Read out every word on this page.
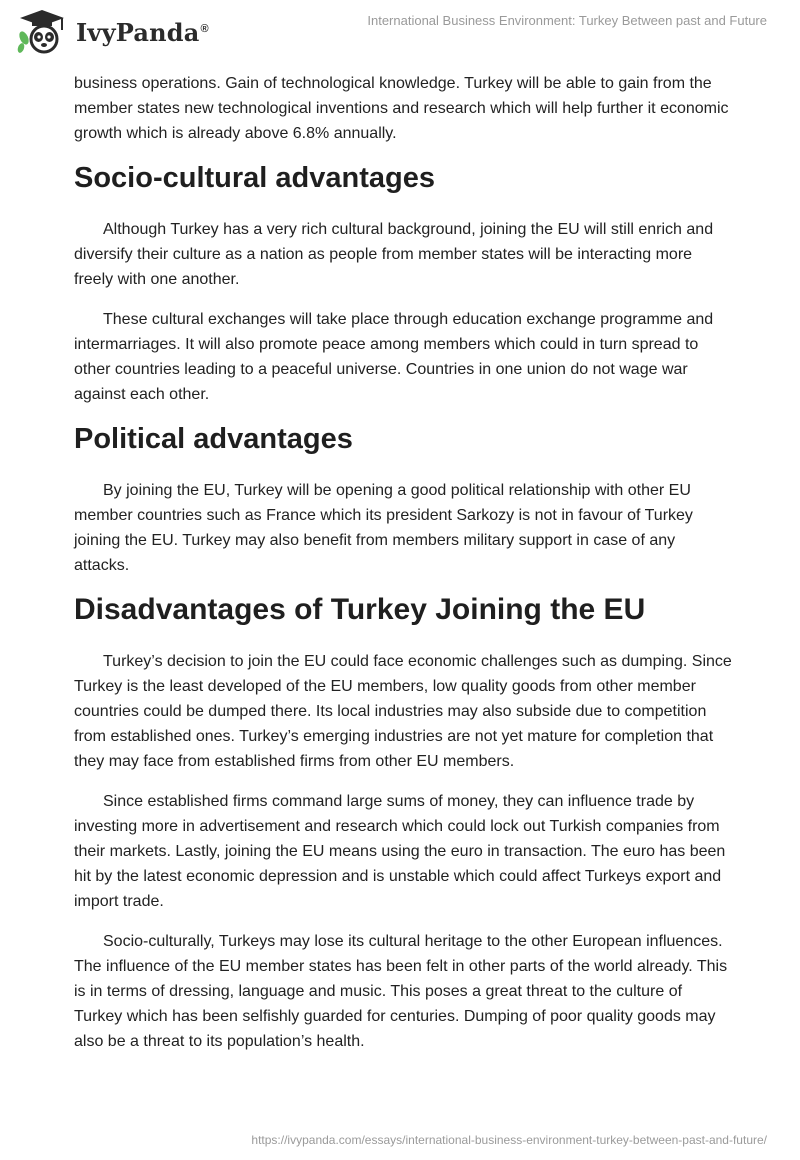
IvyPanda®
International Business Environment: Turkey Between past and Future

business operations. Gain of technological knowledge. Turkey will be able to gain from the member states new technological inventions and research which will help further it economic growth which is already above 6.8% annually.

Socio-cultural advantages

Although Turkey has a very rich cultural background, joining the EU will still enrich and diversify their culture as a nation as people from member states will be interacting more freely with one another.

These cultural exchanges will take place through education exchange programme and intermarriages. It will also promote peace among members which could in turn spread to other countries leading to a peaceful universe. Countries in one union do not wage war against each other.

Political advantages

By joining the EU, Turkey will be opening a good political relationship with other EU member countries such as France which its president Sarkozy is not in favour of Turkey joining the EU. Turkey may also benefit from members military support in case of any attacks.

Disadvantages of Turkey Joining the EU

Turkey’s decision to join the EU could face economic challenges such as dumping. Since Turkey is the least developed of the EU members, low quality goods from other member countries could be dumped there. Its local industries may also subside due to competition from established ones. Turkey’s emerging industries are not yet mature for completion that they may face from established firms from other EU members.

Since established firms command large sums of money, they can influence trade by investing more in advertisement and research which could lock out Turkish companies from their markets. Lastly, joining the EU means using the euro in transaction. The euro has been hit by the latest economic depression and is unstable which could affect Turkeys export and import trade.

Socio-culturally, Turkeys may lose its cultural heritage to the other European influences. The influence of the EU member states has been felt in other parts of the world already. This is in terms of dressing, language and music. This poses a great threat to the culture of Turkey which has been selfishly guarded for centuries. Dumping of poor quality goods may also be a threat to its population’s health.

https://ivypanda.com/essays/international-business-environment-turkey-between-past-and-future/
